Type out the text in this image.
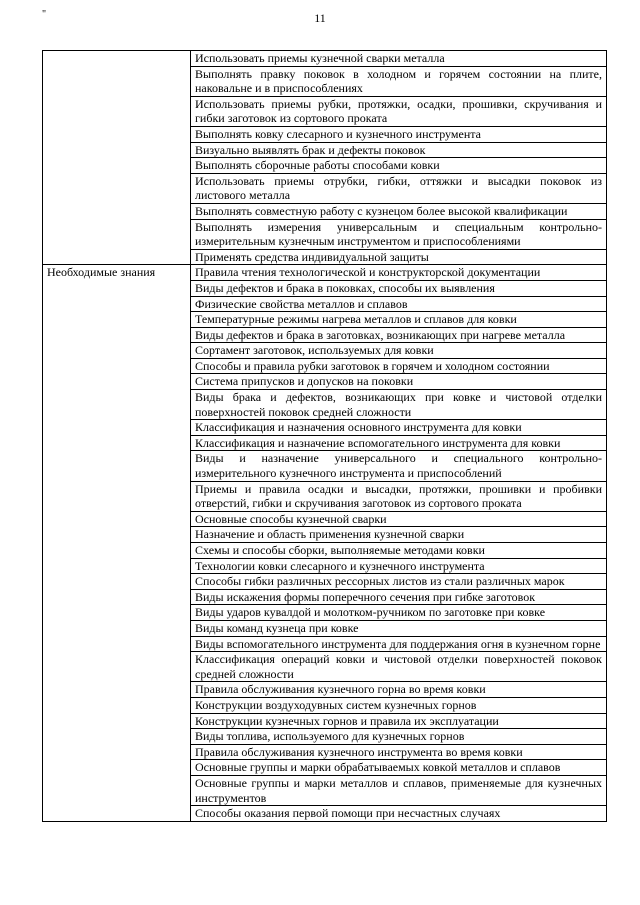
11
"
	Использовать приемы кузнечной сварки металла
	Выполнять правку поковок в холодном и горячем состоянии на плите, наковальне и в приспособлениях
	Использовать приемы рубки, протяжки, осадки, прошивки, скручивания и гибки заготовок из сортового проката
	Выполнять ковку слесарного и кузнечного инструмента
	Визуально выявлять брак и дефекты поковок
	Выполнять сборочные работы способами ковки
	Использовать приемы отрубки, гибки, оттяжки и высадки поковок из листового металла
	Выполнять совместную работу с кузнецом более высокой квалификации
	Выполнять измерения универсальным и специальным контрольно-измерительным кузнечным инструментом и приспособлениями
	Применять средства индивидуальной защиты
Необходимые знания	Правила чтения технологической и конструкторской документации
	Виды дефектов и брака в поковках, способы их выявления
	Физические свойства металлов и сплавов
	Температурные режимы нагрева металлов и сплавов для ковки
	Виды дефектов и брака в заготовках, возникающих при нагреве металла
	Сортамент заготовок, используемых для ковки
	Способы и правила рубки заготовок в горячем и холодном состоянии
	Система припусков и допусков на поковки
	Виды брака и дефектов, возникающих при ковке и чистовой отделки поверхностей поковок средней сложности
	Классификация и назначения основного инструмента для ковки
	Классификация и назначение вспомогательного инструмента для ковки
	Виды и назначение универсального и специального контрольно-измерительного кузнечного инструмента и приспособлений
	Приемы и правила осадки и высадки, протяжки, прошивки и пробивки отверстий, гибки и скручивания заготовок из сортового проката
	Основные способы кузнечной сварки
	Назначение и область применения кузнечной сварки
	Схемы и способы сборки, выполняемые методами ковки
	Технологии ковки слесарного и кузнечного инструмента
	Способы гибки различных рессорных листов из стали различных марок
	Виды искажения формы поперечного сечения при гибке заготовок
	Виды ударов кувалдой и молотком-ручником по заготовке при ковке
	Виды команд кузнеца при ковке
	Виды вспомогательного инструмента для поддержания огня в кузнечном горне
	Классификация операций ковки и чистовой отделки поверхностей поковок средней сложности
	Правила обслуживания кузнечного горна во время ковки
	Конструкции воздуходувных систем кузнечных горнов
	Конструкции кузнечных горнов и правила их эксплуатации
	Виды топлива, используемого для кузнечных горнов
	Правила обслуживания кузнечного инструмента во время ковки
	Основные группы и марки обрабатываемых ковкой металлов и сплавов
	Основные группы и марки металлов и сплавов, применяемые для кузнечных инструментов
	Способы оказания первой помощи при несчастных случаях
